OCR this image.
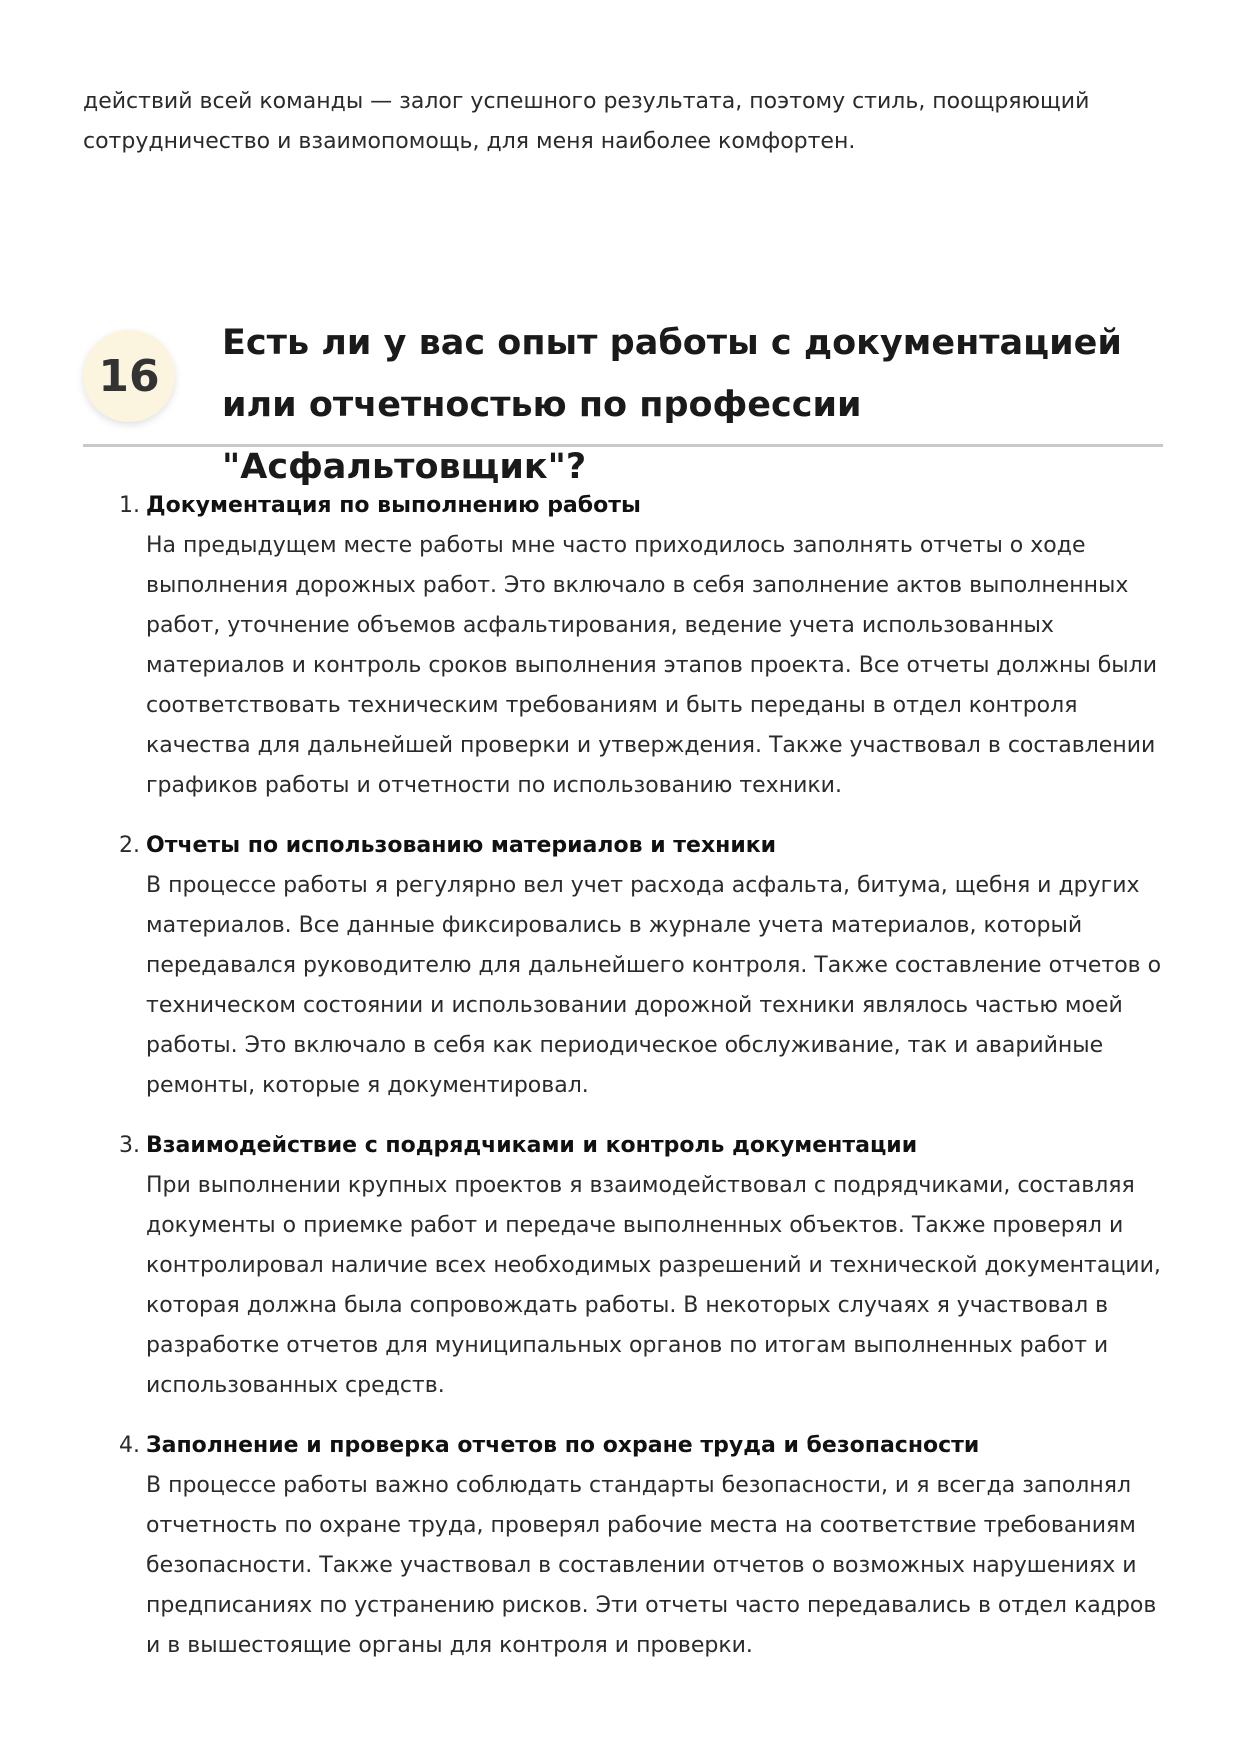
действий всей команды — залог успешного результата, поэтому стиль, поощряющий сотрудничество и взаимопомощь, для меня наиболее комфортен.

16
Есть ли у вас опыт работы с документацией или отчетностью по профессии "Асфальтовщик"?
1. Документация по выполнению работы
На предыдущем месте работы мне часто приходилось заполнять отчеты о ходе выполнения дорожных работ. Это включало в себя заполнение актов выполненных работ, уточнение объемов асфальтирования, ведение учета использованных материалов и контроль сроков выполнения этапов проекта. Все отчеты должны были соответствовать техническим требованиям и быть переданы в отдел контроля качества для дальнейшей проверки и утверждения. Также участвовал в составлении графиков работы и отчетности по использованию техники.
2. Отчеты по использованию материалов и техники
В процессе работы я регулярно вел учет расхода асфальта, битума, щебня и других материалов. Все данные фиксировались в журнале учета материалов, который передавался руководителю для дальнейшего контроля. Также составление отчетов о техническом состоянии и использовании дорожной техники являлось частью моей работы. Это включало в себя как периодическое обслуживание, так и аварийные ремонты, которые я документировал.
3. Взаимодействие с подрядчиками и контроль документации
При выполнении крупных проектов я взаимодействовал с подрядчиками, составляя документы о приемке работ и передаче выполненных объектов. Также проверял и контролировал наличие всех необходимых разрешений и технической документации, которая должна была сопровождать работы. В некоторых случаях я участвовал в разработке отчетов для муниципальных органов по итогам выполненных работ и использованных средств.
4. Заполнение и проверка отчетов по охране труда и безопасности
В процессе работы важно соблюдать стандарты безопасности, и я всегда заполнял отчетность по охране труда, проверял рабочие места на соответствие требованиям безопасности. Также участвовал в составлении отчетов о возможных нарушениях и предписаниях по устранению рисков. Эти отчеты часто передавались в отдел кадров и в вышестоящие органы для контроля и проверки.
